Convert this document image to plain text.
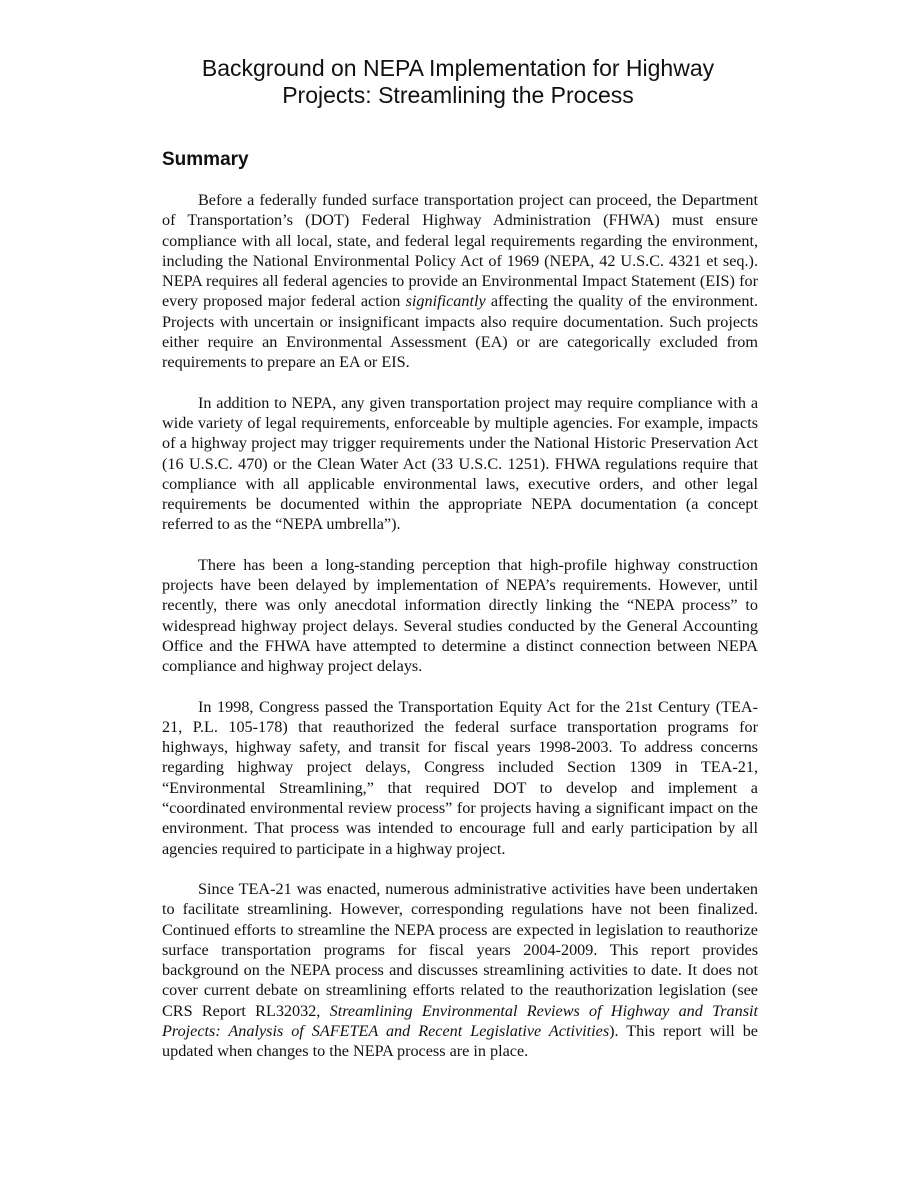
Background on NEPA Implementation for Highway
Projects: Streamlining the Process
Summary

Before a federally funded surface transportation project can proceed, the Department of Transportation’s (DOT) Federal Highway Administration (FHWA) must ensure compliance with all local, state, and federal legal requirements regarding the environment, including the National Environmental Policy Act of 1969 (NEPA, 42 U.S.C. 4321 et seq.). NEPA requires all federal agencies to provide an Environmental Impact Statement (EIS) for every proposed major federal action significantly affecting the quality of the environment. Projects with uncertain or insignificant impacts also require documentation. Such projects either require an Environmental Assessment (EA) or are categorically excluded from requirements to prepare an EA or EIS.

In addition to NEPA, any given transportation project may require compliance with a wide variety of legal requirements, enforceable by multiple agencies. For example, impacts of a highway project may trigger requirements under the National Historic Preservation Act (16 U.S.C. 470) or the Clean Water Act (33 U.S.C. 1251). FHWA regulations require that compliance with all applicable environmental laws, executive orders, and other legal requirements be documented within the appropriate NEPA documentation (a concept referred to as the “NEPA umbrella”).

There has been a long-standing perception that high-profile highway construction projects have been delayed by implementation of NEPA’s requirements. However, until recently, there was only anecdotal information directly linking the “NEPA process” to widespread highway project delays. Several studies conducted by the General Accounting Office and the FHWA have attempted to determine a distinct connection between NEPA compliance and highway project delays.

In 1998, Congress passed the Transportation Equity Act for the 21st Century (TEA-21, P.L. 105-178) that reauthorized the federal surface transportation programs for highways, highway safety, and transit for fiscal years 1998-2003. To address concerns regarding highway project delays, Congress included Section 1309 in TEA-21, “Environmental Streamlining,” that required DOT to develop and implement a “coordinated environmental review process” for projects having a significant impact on the environment. That process was intended to encourage full and early participation by all agencies required to participate in a highway project.

Since TEA-21 was enacted, numerous administrative activities have been undertaken to facilitate streamlining. However, corresponding regulations have not been finalized. Continued efforts to streamline the NEPA process are expected in legislation to reauthorize surface transportation programs for fiscal years 2004-2009. This report provides background on the NEPA process and discusses streamlining activities to date. It does not cover current debate on streamlining efforts related to the reauthorization legislation (see CRS Report RL32032, Streamlining Environmental Reviews of Highway and Transit Projects: Analysis of SAFETEA and Recent Legislative Activities). This report will be updated when changes to the NEPA process are in place.
